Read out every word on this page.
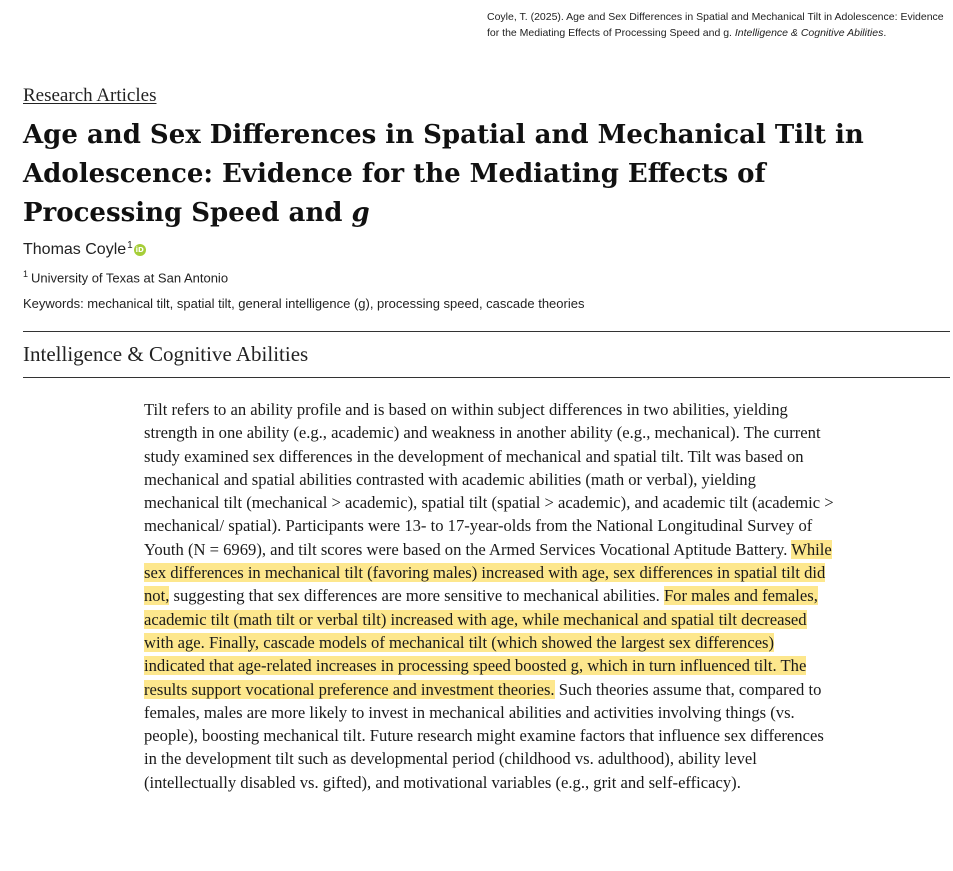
Coyle, T. (2025). Age and Sex Differences in Spatial and Mechanical Tilt in Adolescence: Evidence for the Mediating Effects of Processing Speed and g. Intelligence & Cognitive Abilities.
Research Articles
Age and Sex Differences in Spatial and Mechanical Tilt in Adolescence: Evidence for the Mediating Effects of Processing Speed and g
Thomas Coyle$^1$ iD
$^1$ University of Texas at San Antonio
Keywords: mechanical tilt, spatial tilt, general intelligence (g), processing speed, cascade theories
Intelligence & Cognitive Abilities

Tilt refers to an ability profile and is based on within subject differences in two abilities, yielding strength in one ability (e.g., academic) and weakness in another ability (e.g., mechanical). The current study examined sex differences in the development of mechanical and spatial tilt. Tilt was based on mechanical and spatial abilities contrasted with academic abilities (math or verbal), yielding mechanical tilt (mechanical > academic), spatial tilt (spatial > academic), and academic tilt (academic > mechanical/ spatial). Participants were 13- to 17-year-olds from the National Longitudinal Survey of Youth (N = 6969), and tilt scores were based on the Armed Services Vocational Aptitude Battery. While sex differences in mechanical tilt (favoring males) increased with age, sex differences in spatial tilt did not, suggesting that sex differences are more sensitive to mechanical abilities. For males and females, academic tilt (math tilt or verbal tilt) increased with age, while mechanical and spatial tilt decreased with age. Finally, cascade models of mechanical tilt (which showed the largest sex differences) indicated that age-related increases in processing speed boosted g, which in turn influenced tilt. The results support vocational preference and investment theories. Such theories assume that, compared to females, males are more likely to invest in mechanical abilities and activities involving things (vs. people), boosting mechanical tilt. Future research might examine factors that influence sex differences in the development tilt such as developmental period (childhood vs. adulthood), ability level (intellectually disabled vs. gifted), and motivational variables (e.g., grit and self-efficacy).
